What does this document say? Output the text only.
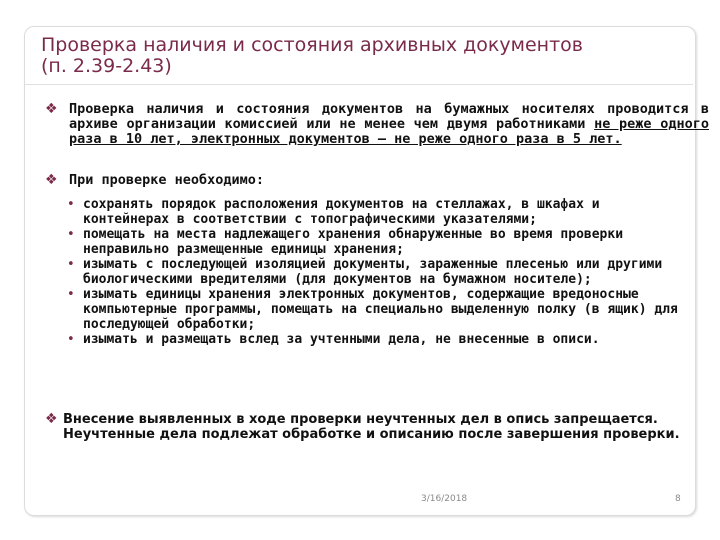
Проверка наличия и состояния архивных документов
(п. 2.39-2.43)
❖ Проверка наличия и состояния документов на бумажных носителях проводится в архиве организации комиссией или не менее чем двумя работниками не реже одного раза в 10 лет, электронных документов – не реже одного раза в 5 лет.
❖ При проверке необходимо:
• сохранять порядок расположения документов на стеллажах, в шкафах и контейнерах в соответствии с топографическими указателями;
• помещать на места надлежащего хранения обнаруженные во время проверки неправильно размещенные единицы хранения;
• изымать с последующей изоляцией документы, зараженные плесенью или другими биологическими вредителями (для документов на бумажном носителе);
• изымать единицы хранения электронных документов, содержащие вредоносные компьютерные программы, помещать на специально выделенную полку (в ящик) для последующей обработки;
• изымать и размещать вслед за учтенными дела, не внесенные в описи.
❖ Внесение выявленных в ходе проверки неучтенных дел в опись запрещается. Неучтенные дела подлежат обработке и описанию после завершения проверки.
3/16/2018	8
